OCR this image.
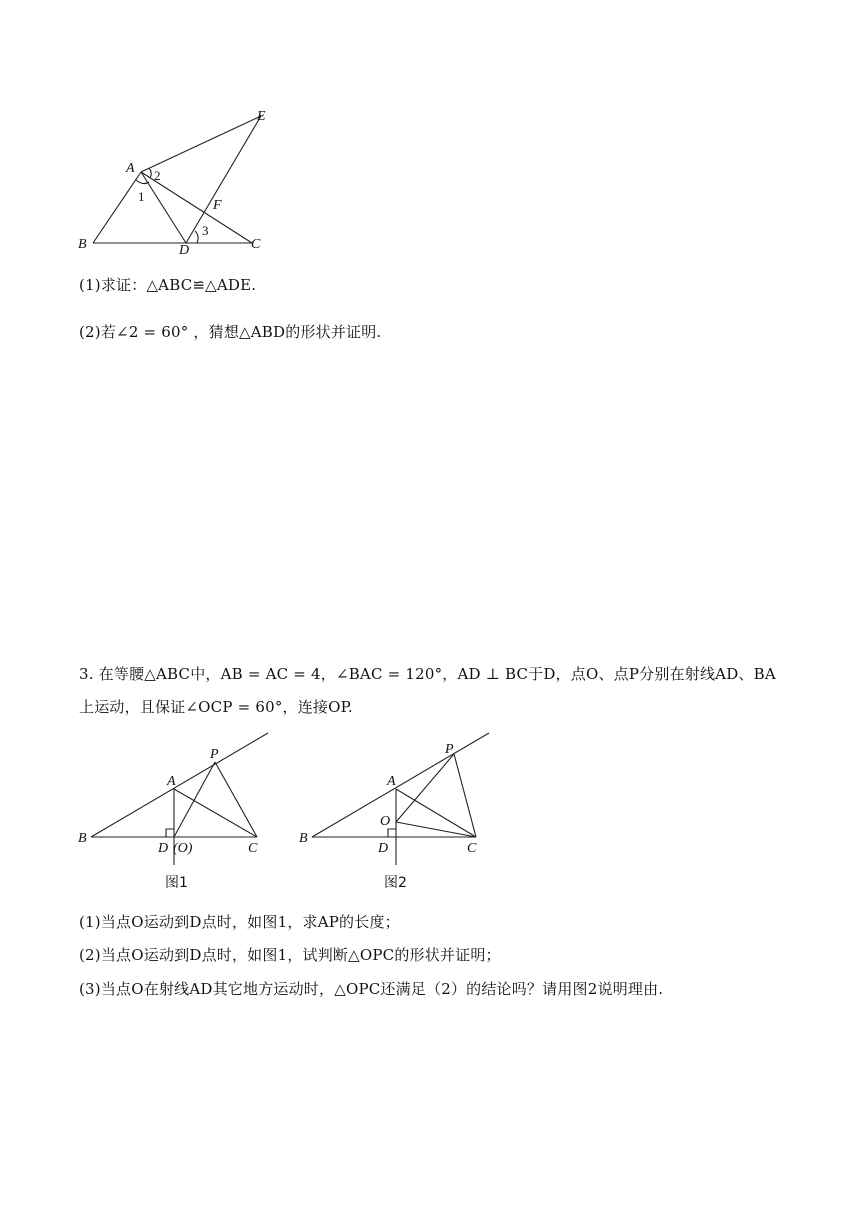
A
B	C
D
E
F
1
2
3
(1)求证：△ABC≌△ADE.
(2)若∠2 = 60° ，猜想△ABD的形状并证明.
3. 在等腰△ABC中，AB = AC = 4，∠BAC = 120°，AD ⊥ BC于D，点O、点P分别在射线AD、BA
上运动，且保证∠OCP = 60°，连接OP.
P
A
B
C
D (O)
图1
P
A
O
B
C
D
图2
(1)当点O运动到D点时，如图1，求AP的长度；
(2)当点O运动到D点时，如图1，试判断△OPC的形状并证明；
(3)当点O在射线AD其它地方运动时，△OPC还满足（2）的结论吗？请用图2说明理由.
